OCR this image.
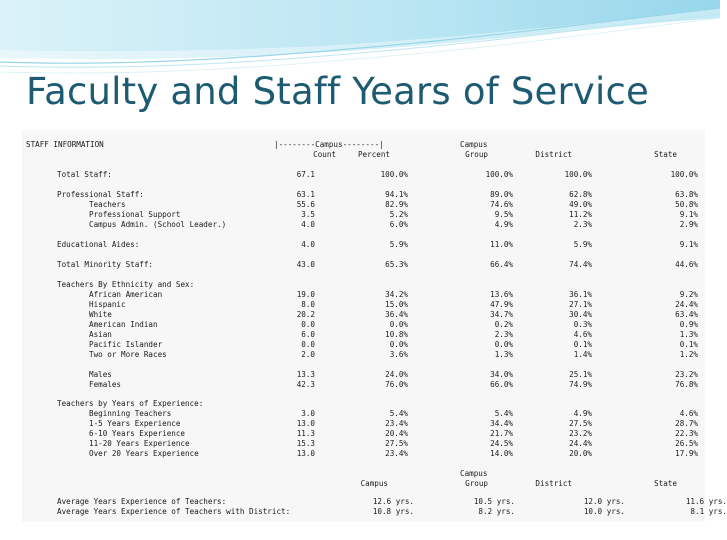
Faculty and Staff Years of Service
STAFF INFORMATION	|--------Campus--------|	Campus
Count	Percent	Group	District	State
Total Staff:	67.1	100.0%	100.0%	100.0%	100.0%
Professional Staff:	63.1	94.1%	89.0%	62.8%	63.8%
Teachers	55.6	82.9%	74.6%	49.0%	50.8%
Professional Support	3.5	5.2%	9.5%	11.2%	9.1%
Campus Admin. (School Leader.)	4.0	6.0%	4.9%	2.3%	2.9%
Educational Aides:	4.0	5.9%	11.0%	5.9%	9.1%
Total Minority Staff:	43.0	65.3%	66.4%	74.4%	44.6%
Teachers By Ethnicity and Sex:
African American	19.0	34.2%	13.6%	36.1%	9.2%
Hispanic	8.0	15.0%	47.9%	27.1%	24.4%
White	20.2	36.4%	34.7%	30.4%	63.4%
American Indian	0.0	0.0%	0.2%	0.3%	0.9%
Asian	6.0	10.8%	2.3%	4.6%	1.3%
Pacific Islander	0.0	0.0%	0.0%	0.1%	0.1%
Two or More Races	2.0	3.6%	1.3%	1.4%	1.2%
Males	13.3	24.0%	34.0%	25.1%	23.2%
Females	42.3	76.0%	66.0%	74.9%	76.8%
Teachers by Years of Experience:
Beginning Teachers	3.0	5.4%	5.4%	4.9%	4.6%
1-5 Years Experience	13.0	23.4%	34.4%	27.5%	28.7%
6-10 Years Experience	11.3	20.4%	21.7%	23.2%	22.3%
11-20 Years Experience	15.3	27.5%	24.5%	24.4%	26.5%
Over 20 Years Experience	13.0	23.4%	14.0%	20.0%	17.9%
Campus
Campus	Group	District	State
Average Years Experience of Teachers:	12.6 yrs.	10.5 yrs.	12.0 yrs.	11.6 yrs.
Average Years Experience of Teachers with District:	10.8 yrs.	8.2 yrs.	10.0 yrs.	8.1 yrs.
